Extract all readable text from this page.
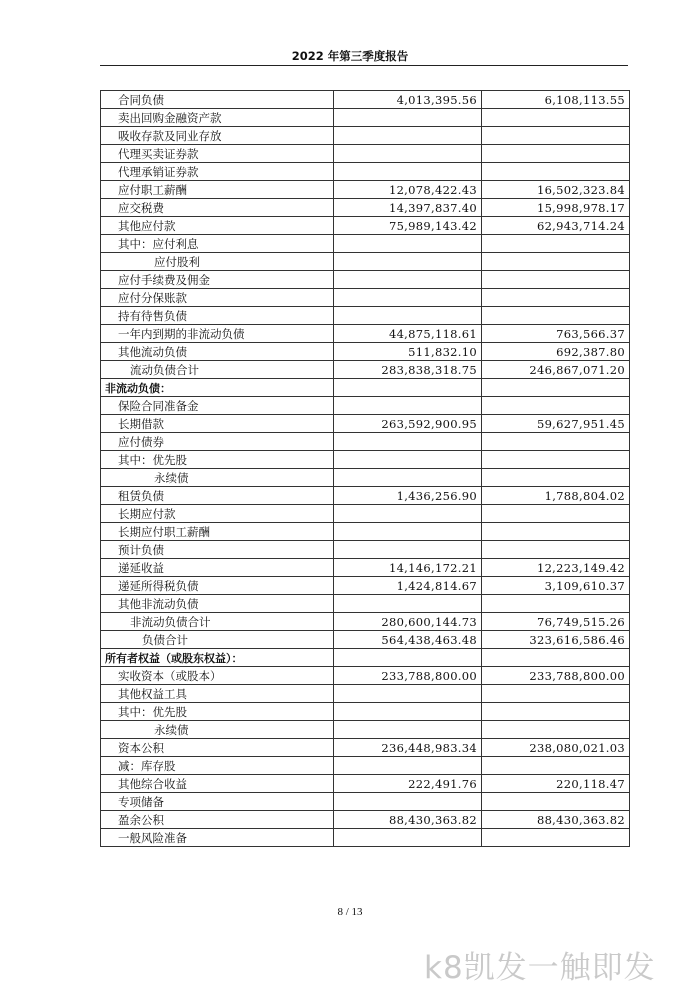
2022 年第三季度报告
合同负债	4,013,395.56	6,108,113.55
卖出回购金融资产款		
吸收存款及同业存放		
代理买卖证券款		
代理承销证券款		
应付职工薪酬	12,078,422.43	16,502,323.84
应交税费	14,397,837.40	15,998,978.17
其他应付款	75,989,143.42	62,943,714.24
其中：应付利息		
应付股利		
应付手续费及佣金		
应付分保账款		
持有待售负债		
一年内到期的非流动负债	44,875,118.61	763,566.37
其他流动负债	511,832.10	692,387.80
流动负债合计	283,838,318.75	246,867,071.20
非流动负债：		
保险合同准备金		
长期借款	263,592,900.95	59,627,951.45
应付债券		
其中：优先股		
永续债		
租赁负债	1,436,256.90	1,788,804.02
长期应付款		
长期应付职工薪酬		
预计负债		
递延收益	14,146,172.21	12,223,149.42
递延所得税负债	1,424,814.67	3,109,610.37
其他非流动负债		
非流动负债合计	280,600,144.73	76,749,515.26
负债合计	564,438,463.48	323,616,586.46
所有者权益（或股东权益）：		
实收资本（或股本）	233,788,800.00	233,788,800.00
其他权益工具		
其中：优先股		
永续债		
资本公积	236,448,983.34	238,080,021.03
减：库存股		
其他综合收益	222,491.76	220,118.47
专项储备		
盈余公积	88,430,363.82	88,430,363.82
一般风险准备		
8 / 13
k8凯发一触即发
